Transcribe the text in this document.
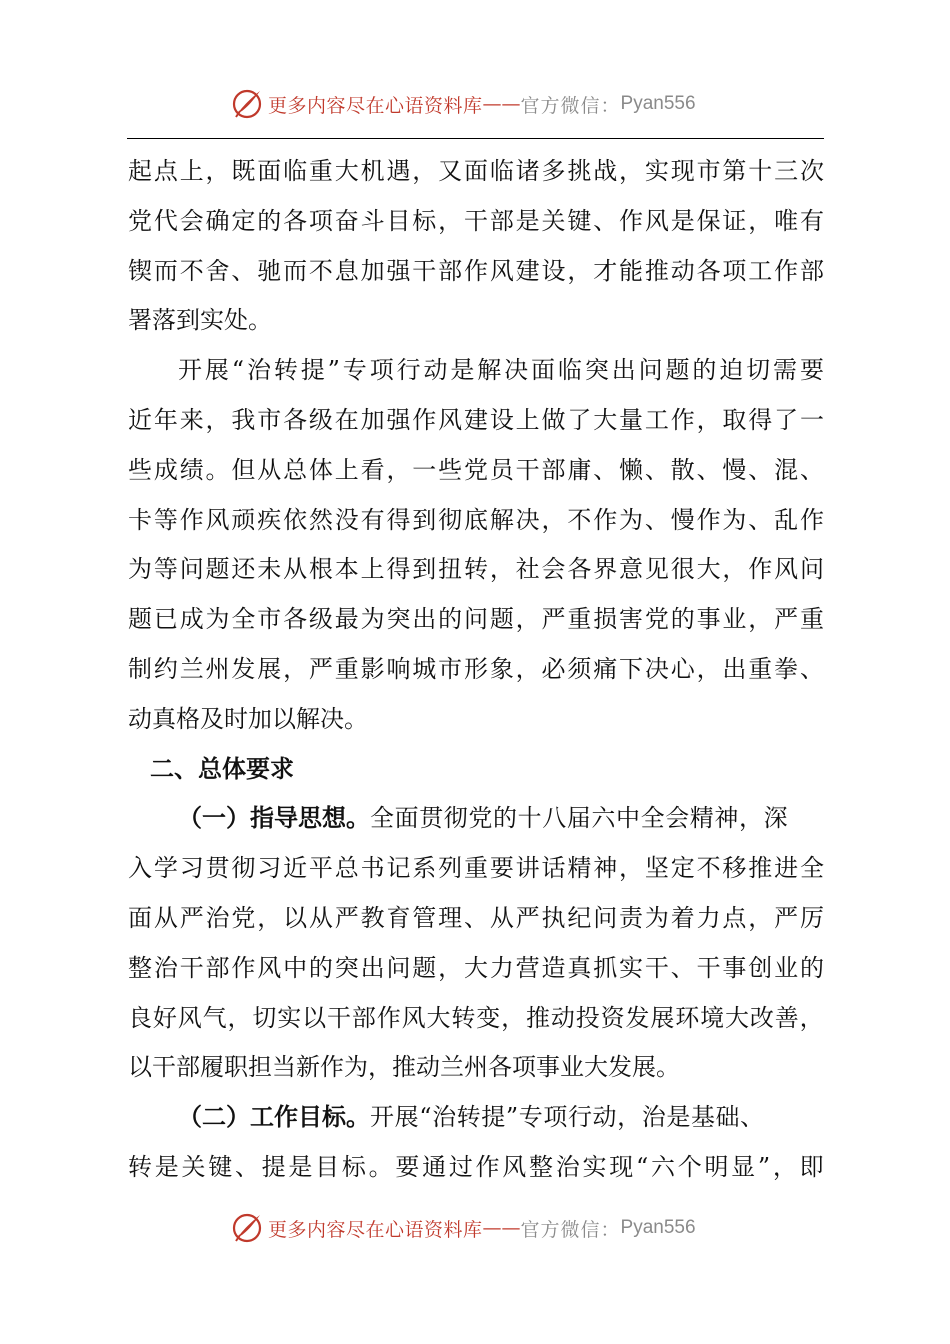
更多内容尽在心语资料库 —— 官方微信： Pyan556
起 点 上 ， 既 面 临 重 大 机 遇 ， 又 面 临 诸 多 挑 战 ， 实 现 市 第 十 三 次
党 代 会 确 定 的 各 项 奋 斗 目 标 ， 干 部 是 关 键 、 作 风 是 保 证 ， 唯 有
锲 而 不 舍 、 驰 而 不 息 加 强 干 部 作 风 建 设 ， 才 能 推 动 各 项 工 作 部
署落到实处。
开 展 “ 治 转 提 ” 专 项 行 动 是 解 决 面 临 突 出 问 题 的 迫 切 需 要
近 年 来 ， 我 市 各 级 在 加 强 作 风 建 设 上 做 了 大 量 工 作 ， 取 得 了 一
些 成 绩 。 但 从 总 体 上 看 ， 一 些 党 员 干 部 庸 、 懒 、 散 、 慢 、 混 、
卡 等 作 风 顽 疾 依 然 没 有 得 到 彻 底 解 决 ， 不 作 为 、 慢 作 为 、 乱 作
为 等 问 题 还 未 从 根 本 上 得 到 扭 转 ， 社 会 各 界 意 见 很 大 ， 作 风 问
题 已 成 为 全 市 各 级 最 为 突 出 的 问 题 ， 严 重 损 害 党 的 事 业 ， 严 重
制 约 兰 州 发 展 ， 严 重 影 响 城 市 形 象 ， 必 须 痛 下 决 心 ， 出 重 拳 、
动真格及时加以解决。
二、总体要求
（一）指导思想。 全面贯彻党的十八届六中全会精神，深
入 学 习 贯 彻 习 近 平 总 书 记 系 列 重 要 讲 话 精 神 ， 坚 定 不 移 推 进 全
面 从 严 治 党 ， 以 从 严 教 育 管 理 、 从 严 执 纪 问 责 为 着 力 点 ， 严 厉
整 治 干 部 作 风 中 的 突 出 问 题 ， 大 力 营 造 真 抓 实 干 、 干 事 创 业 的
良 好 风 气 ， 切 实 以 干 部 作 风 大 转 变 ， 推 动 投 资 发 展 环 境 大 改 善 ，
以干部履职担当新作为，推动兰州各项事业大发展。
（二）工作目标。 开展“治转提”专项行动，治是基础、
转 是 关 键 、 提 是 目 标 。 要 通 过 作 风 整 治 实 现 “ 六 个 明 显 ” ， 即
更多内容尽在心语资料库 —— 官方微信： Pyan556
